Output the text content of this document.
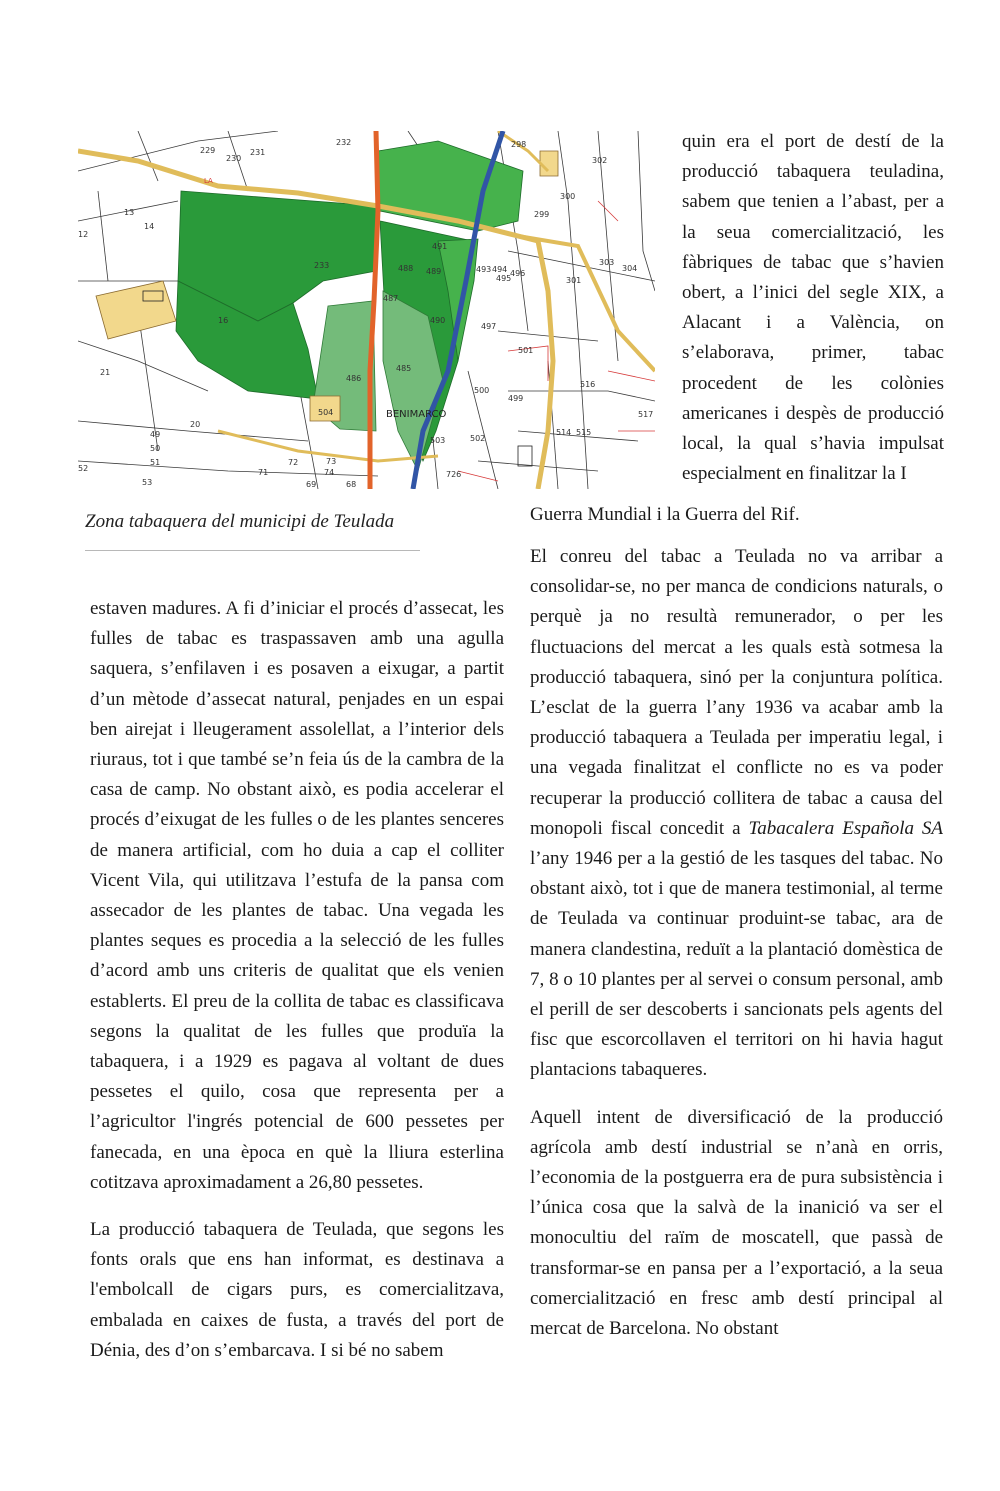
229
230
231
232	298
302
299
300
13
14
12
233
491
488 489
490
493 494
495
496
303
304
301
16
487
497
21
486
485
500
499
516
517
20
504
514 515
49
50
51
502
503
726
71
72
74
73
53
52
69	68
501
BENIMARCO
TORRE
LA
Zona tabaquera del municipi de Teulada

quin era el port de destí de la producció tabaquera teuladina, sabem que tenien a l’abast, per a la seua comercialització, les fàbriques de tabac que s’havien obert, a l’inici del segle XIX, a Alacant i a València, on s’elaborava, primer, tabac procedent de les colònies americanes i despès de producció local, la qual s’havia impulsat especialment en finalitzar la I

Guerra Mundial i la Guerra del Rif.

estaven madures. A fi d’iniciar el procés d’assecat, les fulles de tabac es traspassaven amb una agulla saquera, s’enfilaven i es posaven a eixugar, a partit d’un mètode d’assecat natural, penjades en un espai ben airejat i lleugerament assolellat, a l’interior dels riuraus, tot i que també se’n feia ús de la cambra de la casa de camp. No obstant això, es podia accelerar el procés d’eixugat de les fulles o de les plantes senceres de manera artificial, com ho duia a cap el colliter Vicent Vila, qui utilitzava l’estufa de la pansa com assecador de les plantes de tabac. Una vegada les plantes seques es procedia a la selecció de les fulles d’acord amb uns criteris de qualitat que els venien establerts. El preu de la collita de tabac es classificava segons la qualitat de les fulles que produïa la tabaquera, i a 1929 es pagava al voltant de dues pessetes el quilo, cosa que representa per a l’agricultor l'ingrés potencial de 600 pessetes per fanecada, en una època en què la lliura esterlina cotitzava aproximadament a 26,80 pessetes.

La producció tabaquera de Teulada, que segons les fonts orals que ens han informat, es destinava a l'embolcall de cigars purs, es comercialitzava, embalada en caixes de fusta, a través del port de Dénia, des d’on s’embarcava. I si bé no sabem

El conreu del tabac a Teulada no va arribar a consolidar-se, no per manca de condicions naturals, o perquè ja no resultà remunerador, o per les fluctuacions del mercat a les quals està sotmesa la producció tabaquera, sinó per la conjuntura política. L’esclat de la guerra l’any 1936 va acabar amb la producció tabaquera a Teulada per imperatiu legal, i una vegada finalitzat el conflicte no es va poder recuperar la producció collitera de tabac a causa del monopoli fiscal concedit a Tabacalera Española SA l’any 1946 per a la gestió de les tasques del tabac. No obstant això, tot i que de manera testimonial, al terme de Teulada va continuar produint-se tabac, ara de manera clandestina, reduït a la plantació domèstica de 7, 8 o 10 plantes per al servei o consum personal, amb el perill de ser descoberts i sancionats pels agents del fisc que escorcollaven el territori on hi havia hagut plantacions tabaqueres.

Aquell intent de diversificació de la producció agrícola amb destí industrial se n’anà en orris, l’economia de la postguerra era de pura subsistència i l’única cosa que la salvà de la inanició va ser el monocultiu del raïm de moscatell, que passà de transformar-se en pansa per a l’exportació, a la seua comercialització en fresc amb destí principal al mercat de Barcelona. No obstant
